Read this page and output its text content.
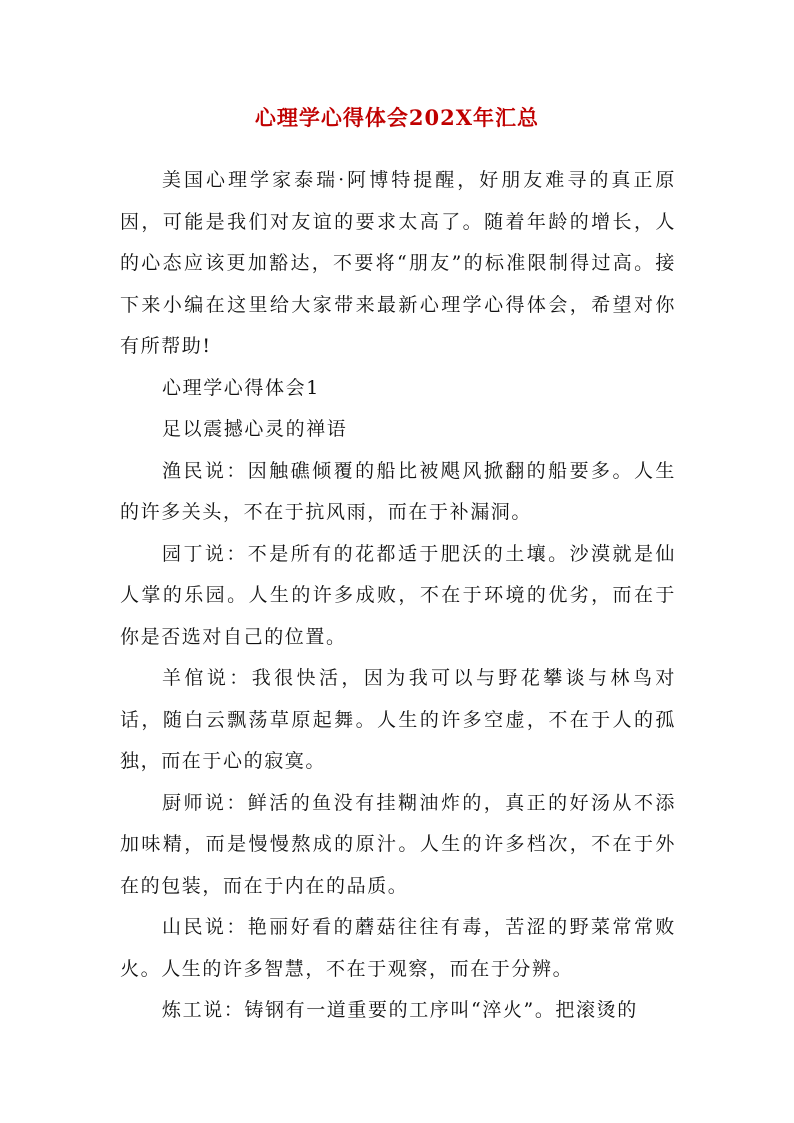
心理学心得体会202X年汇总

美国心理学家泰瑞·阿博特提醒，好朋友难寻的真正原因，可能是我们对友谊的要求太高了。随着年龄的增长，人的心态应该更加豁达，不要将“朋友”的标准限制得过高。接下来小编在这里给大家带来最新心理学心得体会，希望对你有所帮助!

心理学心得体会1

足以震撼心灵的禅语

渔民说：因触礁倾覆的船比被飓风掀翻的船要多。人生的许多关头，不在于抗风雨，而在于补漏洞。

园丁说：不是所有的花都适于肥沃的土壤。沙漠就是仙人掌的乐园。人生的许多成败，不在于环境的优劣，而在于你是否选对自己的位置。

羊倌说：我很快活，因为我可以与野花攀谈与林鸟对话，随白云飘荡草原起舞。人生的许多空虚，不在于人的孤独，而在于心的寂寞。

厨师说：鲜活的鱼没有挂糊油炸的，真正的好汤从不添加味精，而是慢慢熬成的原汁。人生的许多档次，不在于外在的包装，而在于内在的品质。

山民说：艳丽好看的蘑菇往往有毒，苦涩的野菜常常败火。人生的许多智慧，不在于观察，而在于分辨。

炼工说：铸钢有一道重要的工序叫“淬火”。把滚烫的
